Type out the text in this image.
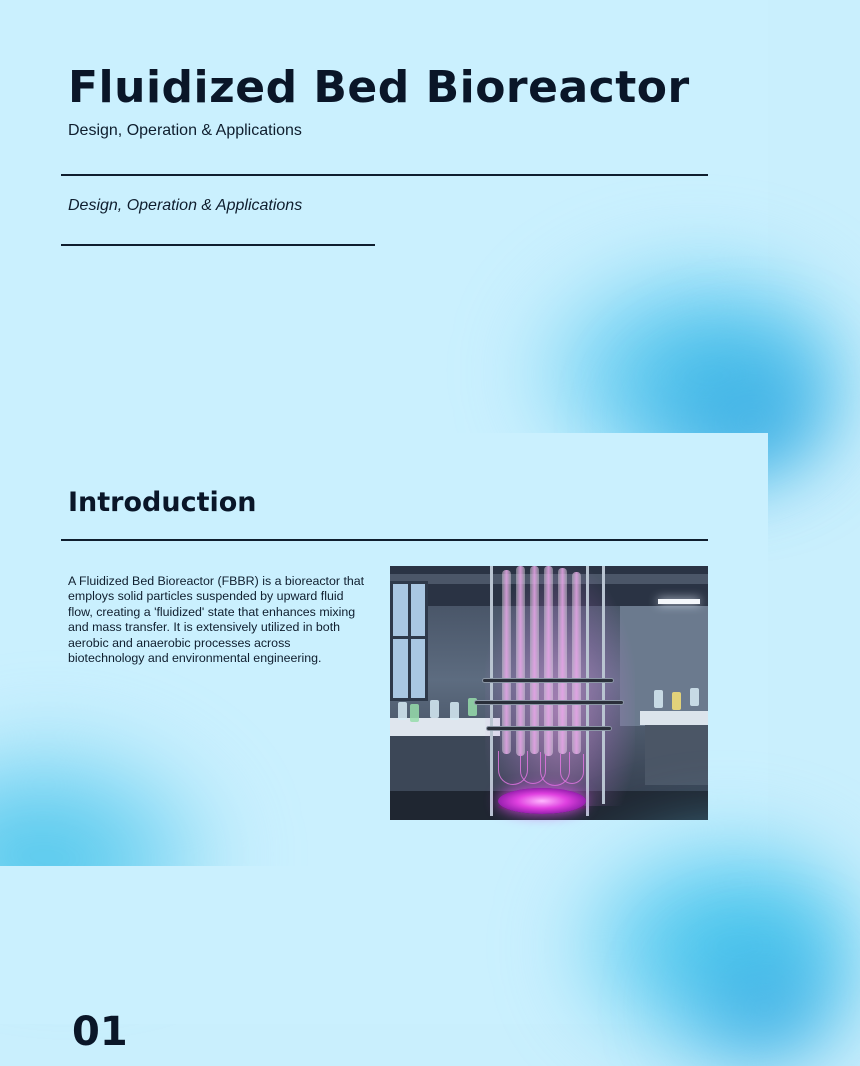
Fluidized Bed Bioreactor
Design, Operation & Applications
Design, Operation & Applications
Introduction

A Fluidized Bed Bioreactor (FBBR) is a bioreactor that employs solid particles suspended by upward fluid flow, creating a 'fluidized' state that enhances mixing and mass transfer. It is extensively utilized in both aerobic and anaerobic processes across biotechnology and environmental engineering.

01
